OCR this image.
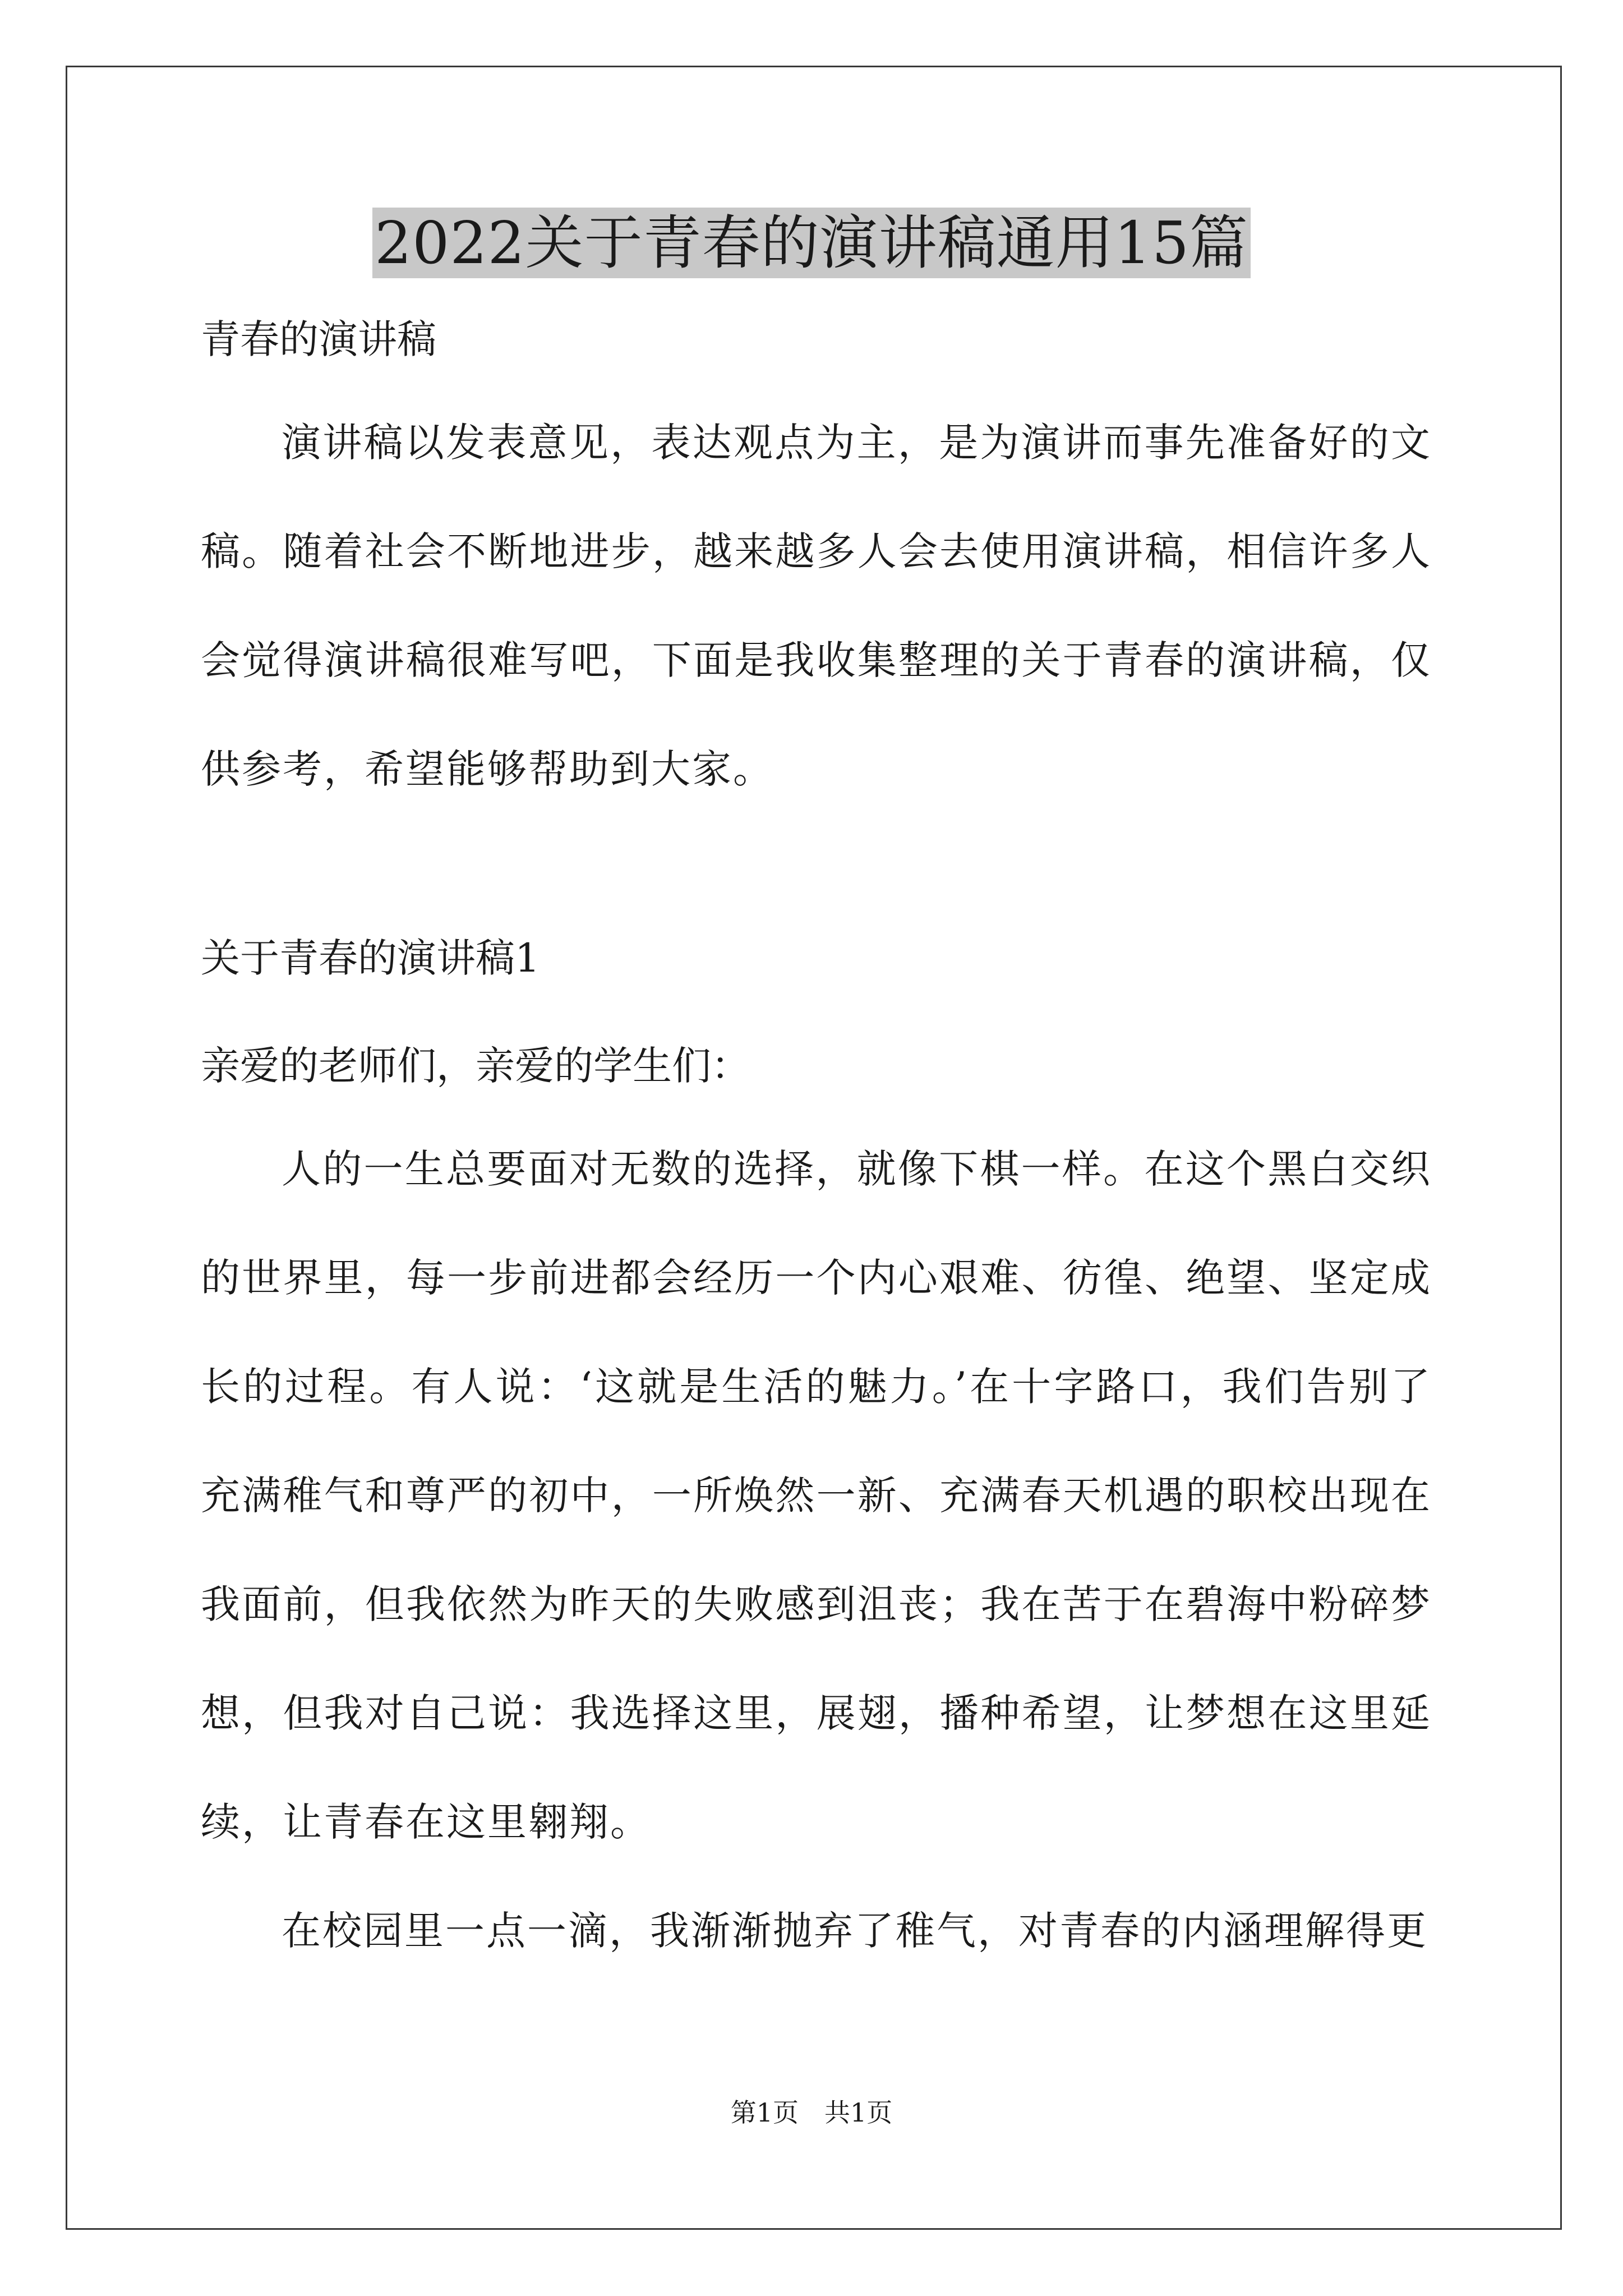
2022关于青春的演讲稿通用15篇

青春的演讲稿

演讲稿以发表意见，表达观点为主，是为演讲而事先准备好的文稿。随着社会不断地进步，越来越多人会去使用演讲稿，相信许多人会觉得演讲稿很难写吧，下面是我收集整理的关于青春的演讲稿，仅供参考，希望能够帮助到大家。

关于青春的演讲稿1

亲爱的老师们，亲爱的学生们：

人的一生总要面对无数的选择，就像下棋一样。在这个黑白交织的世界里，每一步前进都会经历一个内心艰难、彷徨、绝望、坚定成长的过程。有人说：‘这就是生活的魅力。’在十字路口，我们告别了充满稚气和尊严的初中，一所焕然一新、充满春天机遇的职校出现在我面前，但我依然为昨天的失败感到沮丧；我在苦于在碧海中粉碎梦想，但我对自己说：我选择这里，展翅，播种希望，让梦想在这里延续，让青春在这里翱翔。

在校园里一点一滴，我渐渐抛弃了稚气，对青春的内涵理解得更

第1页　共1页
